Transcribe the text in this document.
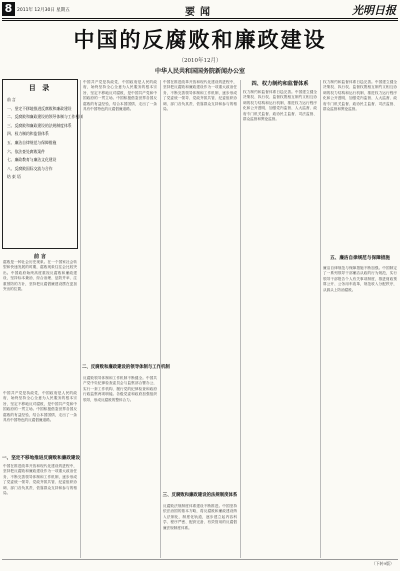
8	2011年 12月30日 星期五	要闻	光明日报
中国的反腐败和廉政建设
（2010年12月）
中华人民共和国国务院新闻办公室
目 录
前 言
一、坚定不移地推进反腐败和廉政建设
二、反腐败和廉政建设的领导体制与工作机制
三、反腐败和廉政建设的法规制度体系
四、权力制约和监督体系
五、廉洁自律规范与保障措施
六、依法查处腐败案件
七、廉政教育与廉洁文化建设
八、反腐败国际交流与合作
结 束 语
前 言
腐败是一种社会历史现象。在一个国家社会转型和快速发展的时期，腐败现象往往会比较突出。中国政府始终高度重视反腐败和廉政建设，坚持标本兼治、综合治理、惩防并举、注重预防的方针，坚持把反腐倡廉建设摆在更加突出的位置。
中国共产党是执政党，中国政府是人民的政府，始终坚持全心全意为人民服务的根本宗旨，坚定不移地反对腐败，是中国共产党和中国政府的一贯立场。中国积极借鉴世界各国反腐败的有益经验，结合本国国情，走出了一条具有中国特色的反腐倡廉道路。
一、坚定不移地推进反腐败和廉政建设
中国在推进改革开放和现代化建设的进程中，坚持把反腐败和廉政建设作为一项重大政治任务，不断完善领导体制和工作机制，逐步形成了党委统一领导、党政齐抓共管、纪委组织协调、部门各负其责、依靠群众支持和参与的格局。
中国共产党是执政党，中国政府是人民的政府，始终坚持全心全意为人民服务的根本宗旨，坚定不移地反对腐败，是中国共产党和中国政府的一贯立场。中国积极借鉴世界各国反腐败的有益经验，结合本国国情，走出了一条具有中国特色的反腐倡廉道路。
二、反腐败和廉政建设的领导体制与工作机制
反腐败领导体制和工作机制不断健全。中国共产党中央纪律检查委员会与监察部合署办公，实行一套工作机构、履行党的纪律检查和政府行政监察两项职能。各级党委和政府加强组织领导，形成反腐败的整体合力。
中国在推进改革开放和现代化建设的进程中，坚持把反腐败和廉政建设作为一项重大政治任务，不断完善领导体制和工作机制，逐步形成了党委统一领导、党政齐抓共管、纪委组织协调、部门各负其责、依靠群众支持和参与的格局。
三、反腐败和廉政建设的法规制度体系
反腐败法规制度体系建设不断推进。中国坚持依法治国的基本方略，将反腐败和廉政建设纳入法制化、制度化轨道，逐步建立起内容科学、程序严密、配套完备、有效管用的反腐倡廉法规制度体系。
四、权力制约和监督体系
权力制约和监督体系日趋完善。中国建立健全决策权、执行权、监督权既相互制约又相互协调的权力结构和运行机制，推进权力运行程序化和公开透明，加强党内监督、人大监督、政府专门机关监督、政协民主监督、司法监督、群众监督和舆论监督。
权力制约和监督体系日趋完善。中国建立健全决策权、执行权、监督权既相互制约又相互协调的权力结构和运行机制，推进权力运行程序化和公开透明，加强党内监督、人大监督、政府专门机关监督、政协民主监督、司法监督、群众监督和舆论监督。
五、廉洁自律规范与保障措施
廉洁自律规范与保障措施不断加强。中国制定了一系列领导干部廉洁从政的行为规范，实行领导干部报告个人有关事项制度，推进财政预算公开、公务用车改革，规范收入分配秩序，从源头上防治腐败。
（下转9版）
